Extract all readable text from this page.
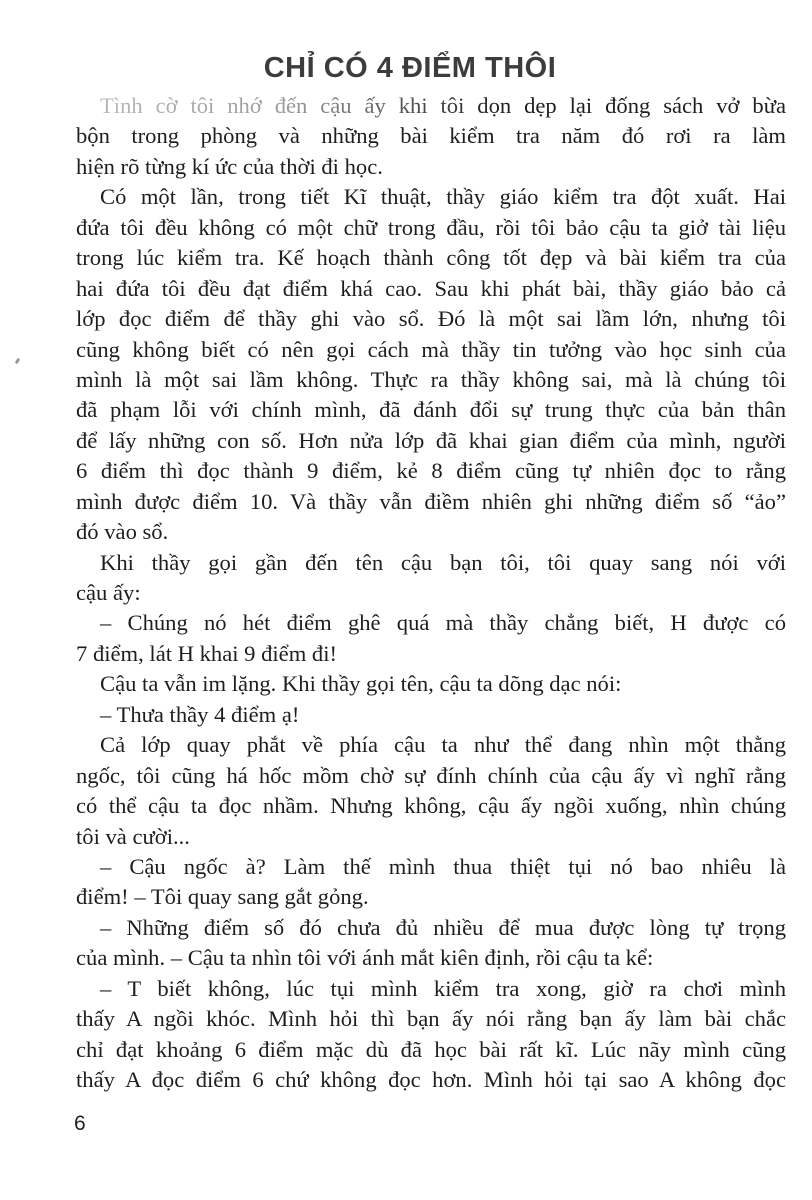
CHỈ CÓ 4 ĐIỂM THÔI
Tình cờ tôi nhớ đến cậu ấy khi tôi dọn dẹp lại đống sách vở bừa
bộn trong phòng và những bài kiểm tra năm đó rơi ra làm
hiện rõ từng kí ức của thời đi học.
Có một lần, trong tiết Kĩ thuật, thầy giáo kiểm tra đột xuất. Hai
đứa tôi đều không có một chữ trong đầu, rồi tôi bảo cậu ta giở tài liệu
trong lúc kiểm tra. Kế hoạch thành công tốt đẹp và bài kiểm tra của
hai đứa tôi đều đạt điểm khá cao. Sau khi phát bài, thầy giáo bảo cả
lớp đọc điểm để thầy ghi vào sổ. Đó là một sai lầm lớn, nhưng tôi
cũng không biết có nên gọi cách mà thầy tin tưởng vào học sinh của
mình là một sai lầm không. Thực ra thầy không sai, mà là chúng tôi
đã phạm lỗi với chính mình, đã đánh đổi sự trung thực của bản thân
để lấy những con số. Hơn nửa lớp đã khai gian điểm của mình, người
6 điểm thì đọc thành 9 điểm, kẻ 8 điểm cũng tự nhiên đọc to rằng
mình được điểm 10. Và thầy vẫn điềm nhiên ghi những điểm số “ảo”
đó vào sổ.
Khi thầy gọi gần đến tên cậu bạn tôi, tôi quay sang nói với
cậu ấy:
– Chúng nó hét điểm ghê quá mà thầy chẳng biết, H được có
7 điểm, lát H khai 9 điểm đi!
Cậu ta vẫn im lặng. Khi thầy gọi tên, cậu ta dõng dạc nói:
– Thưa thầy 4 điểm ạ!
Cả lớp quay phắt về phía cậu ta như thể đang nhìn một thằng
ngốc, tôi cũng há hốc mồm chờ sự đính chính của cậu ấy vì nghĩ rằng
có thể cậu ta đọc nhầm. Nhưng không, cậu ấy ngồi xuống, nhìn chúng
tôi và cười...
– Cậu ngốc à? Làm thế mình thua thiệt tụi nó bao nhiêu là
điểm! – Tôi quay sang gắt gỏng.
– Những điểm số đó chưa đủ nhiều để mua được lòng tự trọng
của mình. – Cậu ta nhìn tôi với ánh mắt kiên định, rồi cậu ta kể:
– T biết không, lúc tụi mình kiểm tra xong, giờ ra chơi mình
thấy A ngồi khóc. Mình hỏi thì bạn ấy nói rằng bạn ấy làm bài chắc
chỉ đạt khoảng 6 điểm mặc dù đã học bài rất kĩ. Lúc nãy mình cũng
thấy A đọc điểm 6 chứ không đọc hơn. Mình hỏi tại sao A không đọc
6
